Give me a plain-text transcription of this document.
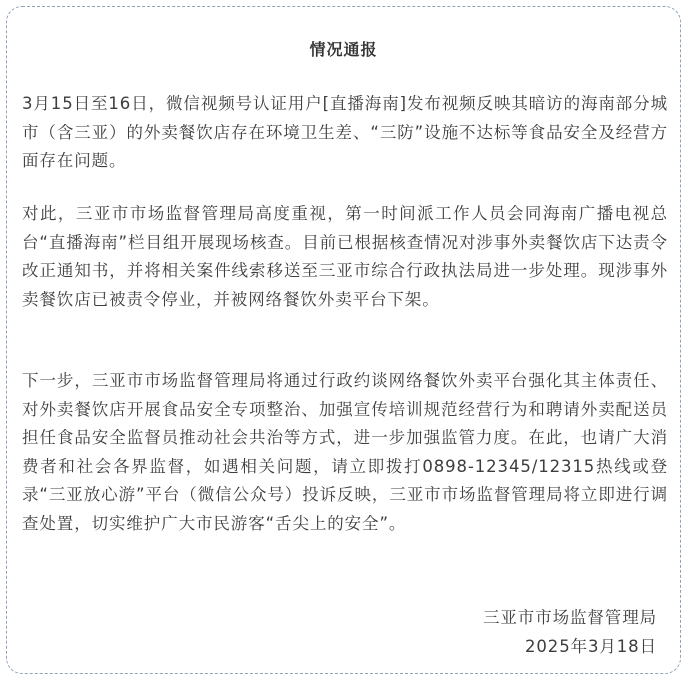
情况通报

3月15日至16日，微信视频号认证用户[直播海南]发布视频反映其暗访的海南部分城市（含三亚）的外卖餐饮店存在环境卫生差、“三防”设施不达标等食品安全及经营方面存在问题。

对此，三亚市市场监督管理局高度重视，第一时间派工作人员会同海南广播电视总台“直播海南”栏目组开展现场核查。目前已根据核查情况对涉事外卖餐饮店下达责令改正通知书，并将相关案件线索移送至三亚市综合行政执法局进一步处理。现涉事外卖餐饮店已被责令停业，并被网络餐饮外卖平台下架。

下一步，三亚市市场监督管理局将通过行政约谈网络餐饮外卖平台强化其主体责任、对外卖餐饮店开展食品安全专项整治、加强宣传培训规范经营行为和聘请外卖配送员担任食品安全监督员推动社会共治等方式，进一步加强监管力度。在此，也请广大消费者和社会各界监督，如遇相关问题，请立即拨打0898-12345/12315热线或登录“三亚放心游”平台（微信公众号）投诉反映，三亚市市场监督管理局将立即进行调查处置，切实维护广大市民游客“舌尖上的安全”。

三亚市市场监督管理局
2025年3月18日
